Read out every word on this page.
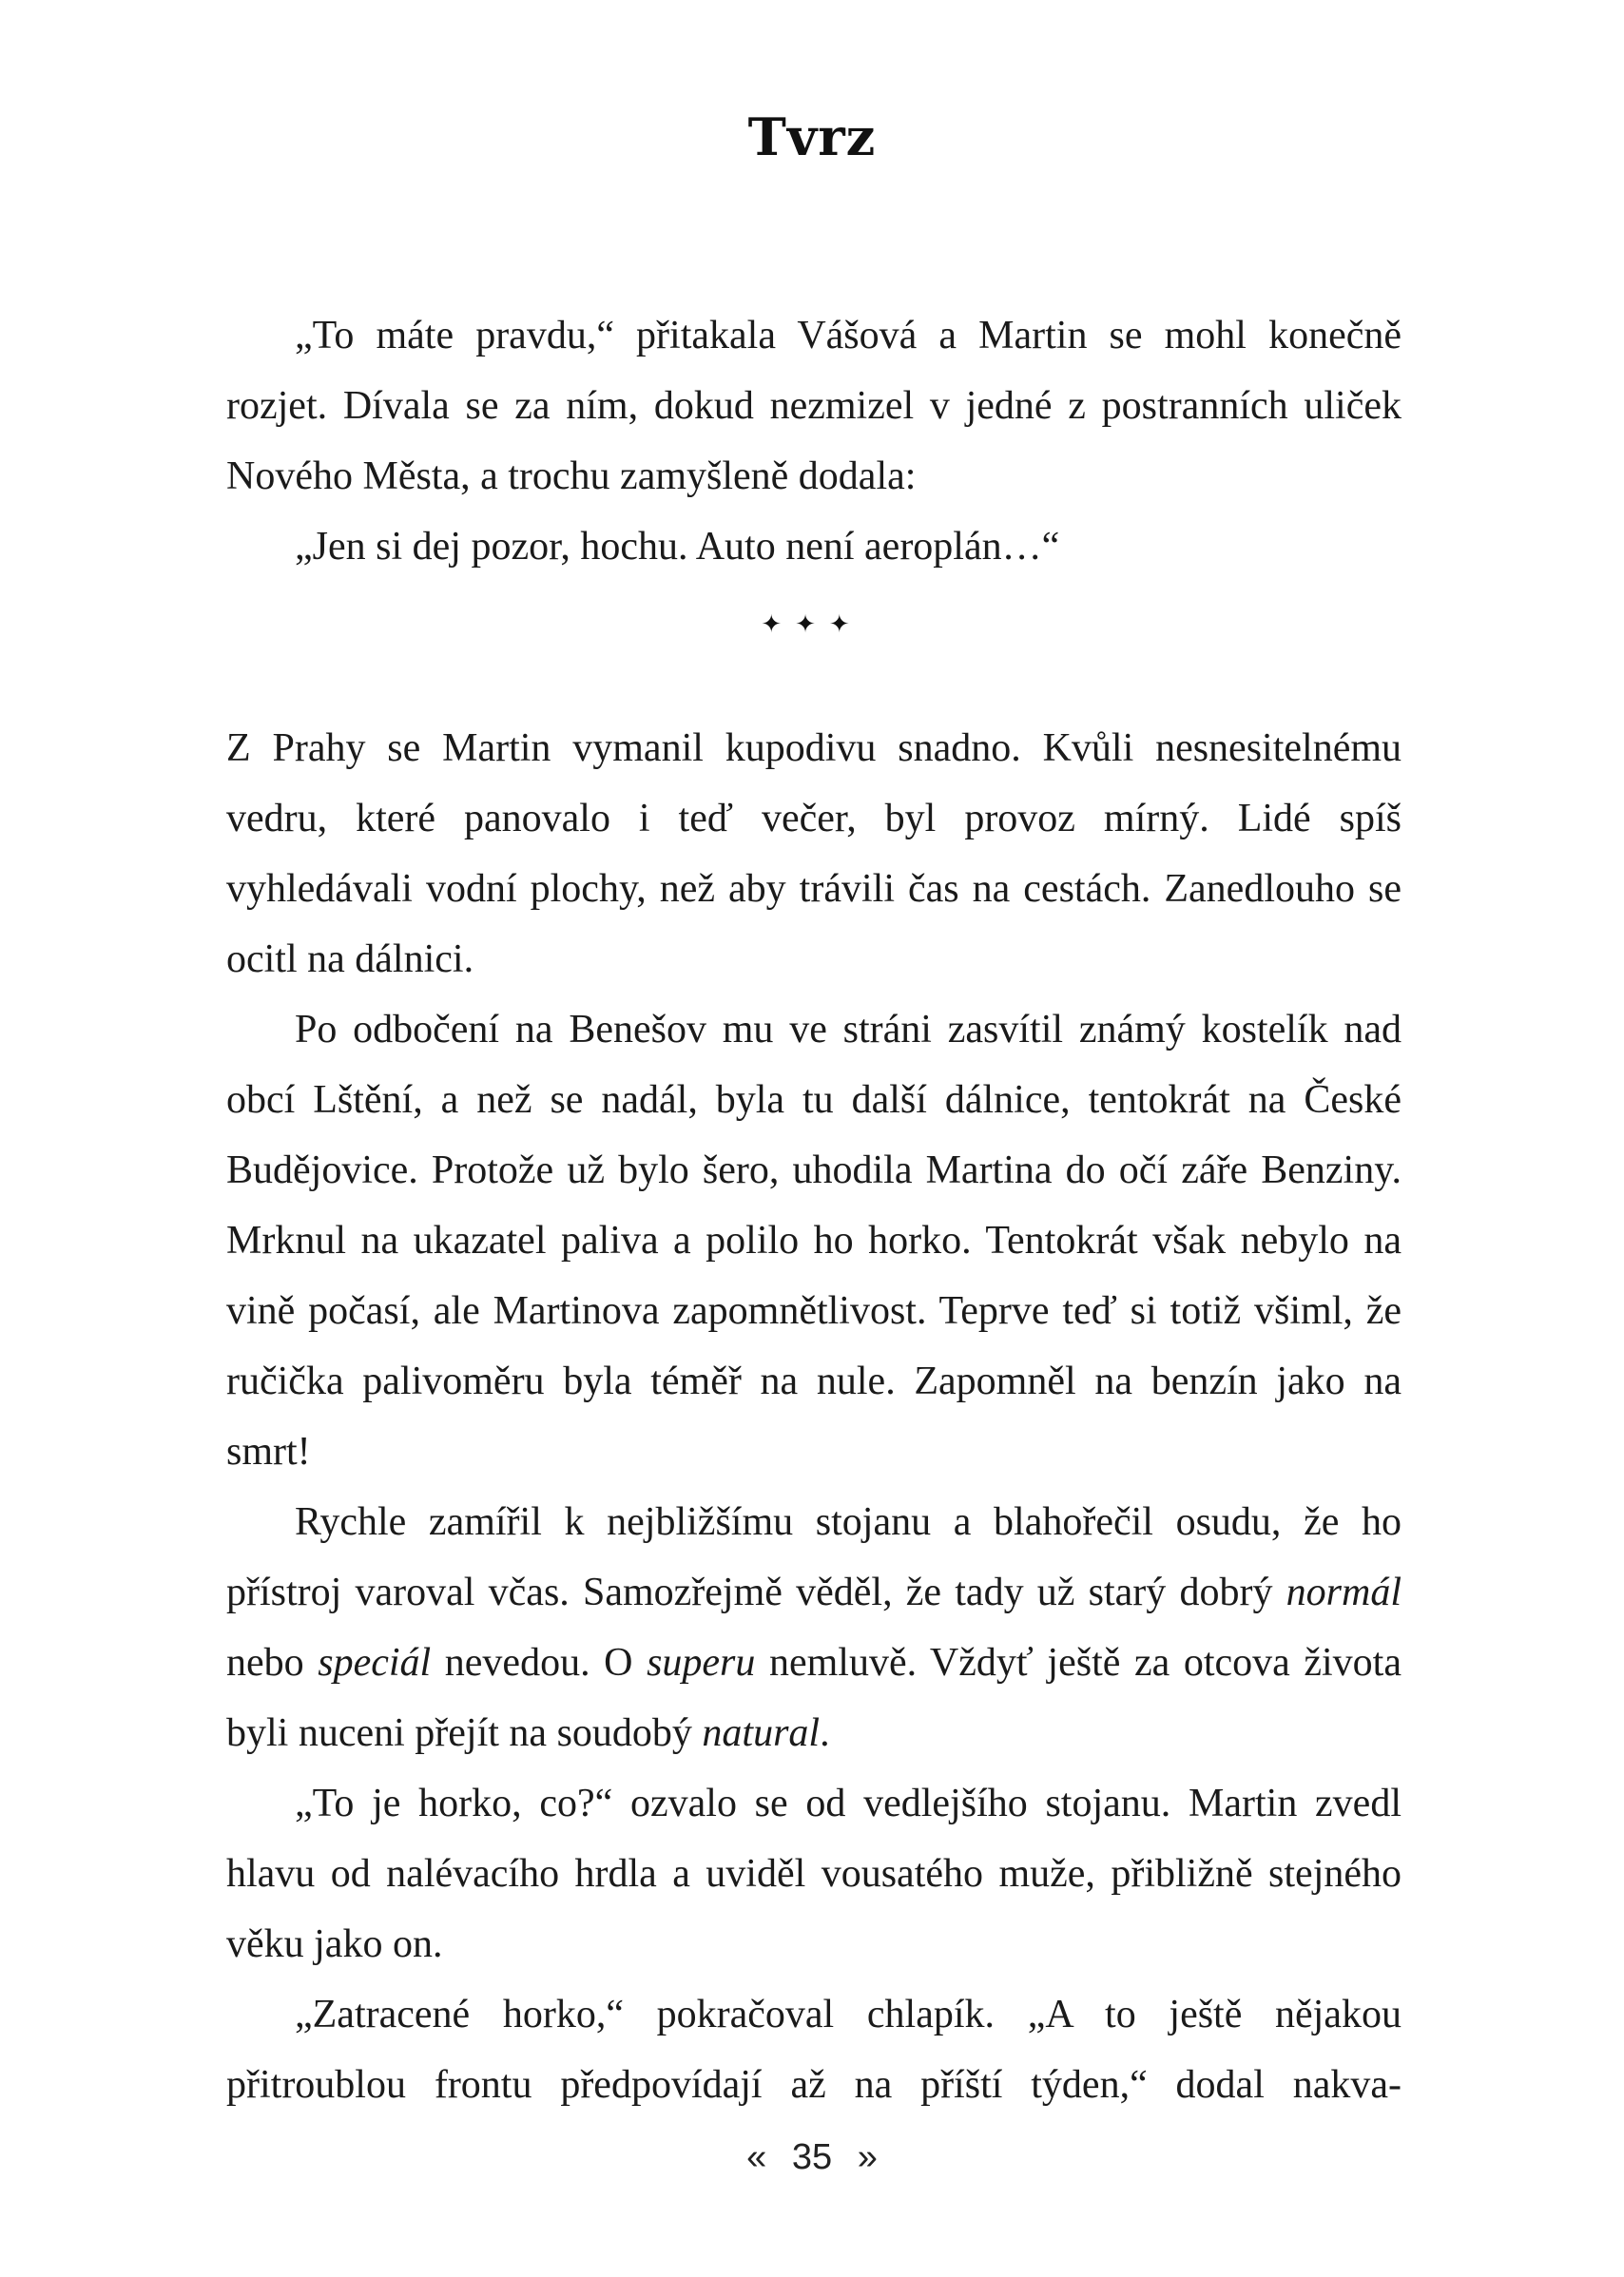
Tvrz

„To máte pravdu,“ přitakala Vášová a Martin se mohl konečně rozjet. Dívala se za ním, dokud nezmizel v jedné z postranních uliček Nového Města, a trochu zamyšleně dodala:

„Jen si dej pozor, hochu. Auto není aeroplán…“

✦✦✦

Z Prahy se Martin vymanil kupodivu snadno. Kvůli nesnesitelnému vedru, které panovalo i teď večer, byl provoz mírný. Lidé spíš vyhledávali vodní plochy, než aby trávili čas na cestách. Zanedlouho se ocitl na dálnici.

Po odbočení na Benešov mu ve stráni zasvítil známý kostelík nad obcí Lštění, a než se nadál, byla tu další dálnice, tentokrát na České Budějovice. Protože už bylo šero, uhodila Martina do očí záře Benziny. Mrknul na ukazatel paliva a polilo ho horko. Tentokrát však nebylo na vině počasí, ale Martinova zapomnětlivost. Teprve teď si totiž všiml, že ručička palivoměru byla téměř na nule. Zapomněl na benzín jako na smrt!

Rychle zamířil k nejbližšímu stojanu a blahořečil osudu, že ho přístroj varoval včas. Samozřejmě věděl, že tady už starý dobrý normál nebo speciál nevedou. O superu nemluvě. Vždyť ještě za otcova života byli nuceni přejít na soudobý natural.

„To je horko, co?“ ozvalo se od vedlejšího stojanu. Martin zvedl hlavu od nalévacího hrdla a uviděl vousatého muže, přibližně stejného věku jako on.

„Zatracené horko,“ pokračoval chlapík. „A to ještě nějakou přitroublou frontu předpovídají až na příští týden,“ dodal nakva-

« 35 »
